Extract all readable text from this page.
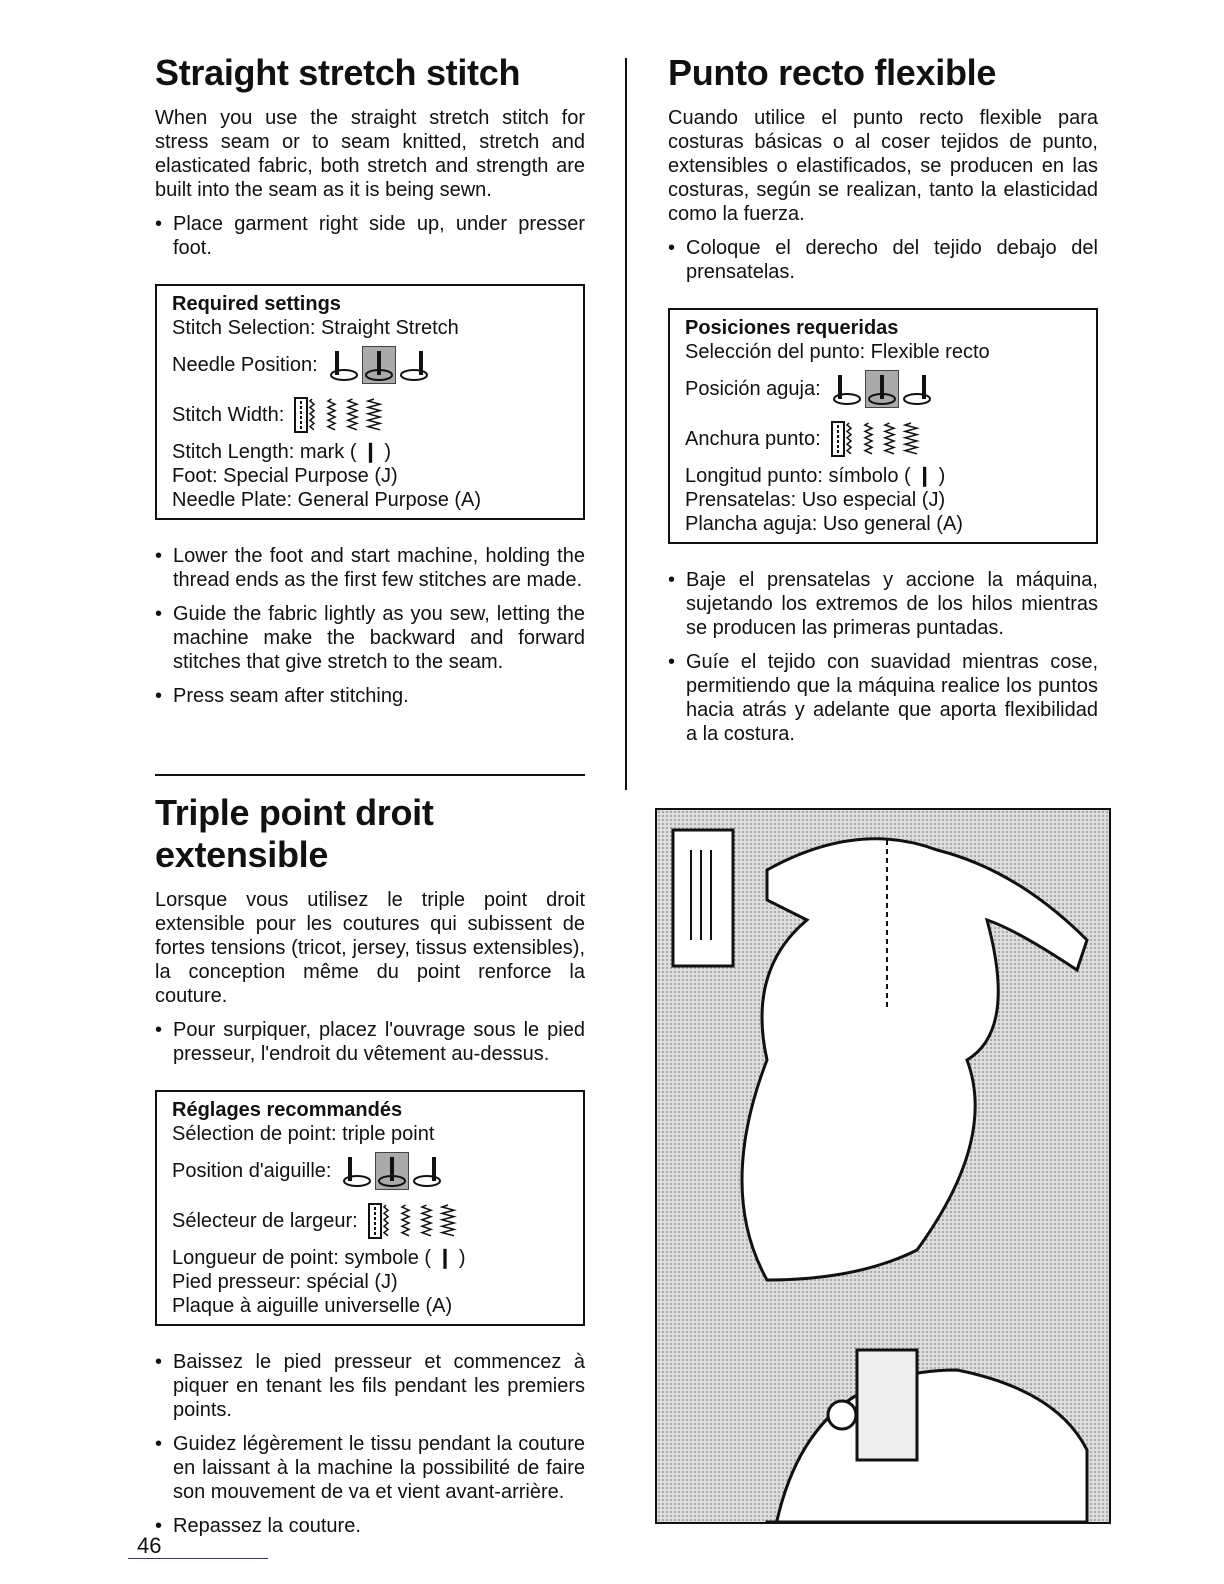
Straight stretch stitch

When you use the straight stretch stitch for stress seam or to seam knitted, stretch and elasticated fabric, both stretch and strength are built into the seam as it is being sewn.

• Place garment right side up, under presser foot.
Required settings
Stitch Selection: Straight Stretch
Needle Position:
Stitch Width:
Stitch Length: mark ( ❙ )
Foot: Special Purpose (J)
Needle Plate: General Purpose (A)
• Lower the foot and start machine, holding the thread ends as the first few stitches are made.
• Guide the fabric lightly as you sew, letting the machine make the backward and forward stitches that give stretch to the seam.
• Press seam after stitching.
Punto recto flexible

Cuando utilice el punto recto flexible para costuras básicas o al coser tejidos de punto, extensibles o elastificados, se producen en las costuras, según se realizan, tanto la elasticidad como la fuerza.

• Coloque el derecho del tejido debajo del prensatelas.
Posiciones requeridas
Selección del punto: Flexible recto
Posición aguja:
Anchura punto:
Longitud punto: símbolo ( ❙ )
Prensatelas: Uso especial (J)
Plancha aguja: Uso general (A)
• Baje el prensatelas y accione la máquina, sujetando los extremos de los hilos mientras se producen las primeras puntadas.
• Guíe el tejido con suavidad mientras cose, permitiendo que la máquina realice los puntos hacia atrás y adelante que aporta flexibilidad a la costura.
Triple point droit extensible

Lorsque vous utilisez le triple point droit extensible pour les coutures qui subissent de fortes tensions (tricot, jersey, tissus extensibles), la conception même du point renforce la couture.

• Pour surpiquer, placez l'ouvrage sous le pied presseur, l'endroit du vêtement au-dessus.
Réglages recommandés
Sélection de point: triple point
Position d'aiguille:
Sélecteur de largeur:
Longueur de point: symbole ( ❙ )
Pied presseur: spécial (J)
Plaque à aiguille universelle (A)
• Baissez le pied presseur et commencez à piquer en tenant les fils pendant les premiers points.
• Guidez légèrement le tissu pendant la couture en laissant à la machine la possibilité de faire son mouvement de va et vient avant-arrière.
• Repassez la couture.
46
